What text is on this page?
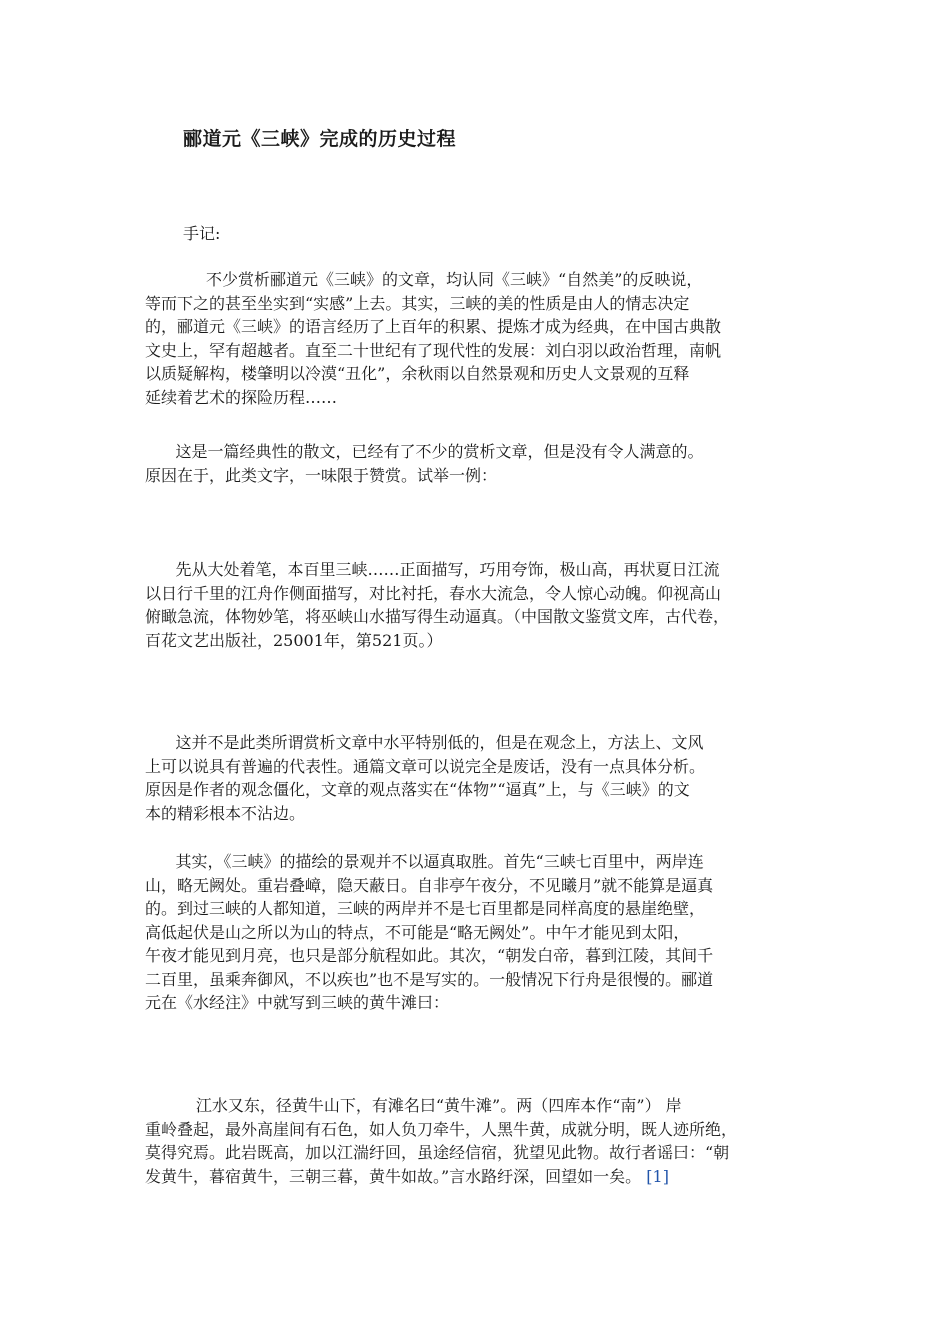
郦道元《三峡》完成的历史过程
手记:
不少赏析郦道元《三峡》的文章，均认同《三峡》“自然美”的反映说，
等而下之的甚至坐实到“实感”上去。其实，三峡的美的性质是由人的情志决定
的，郦道元《三峡》的语言经历了上百年的积累、提炼才成为经典，在中国古典散
文史上，罕有超越者。直至二十世纪有了现代性的发展：刘白羽以政治哲理，南帆
以质疑解构，楼肇明以冷漠“丑化”，余秋雨以自然景观和历史人文景观的互释
延续着艺术的探险历程……
这是一篇经典性的散文，已经有了不少的赏析文章，但是没有令人满意的。
原因在于，此类文字，一味限于赞赏。试举一例：
先从大处着笔，本百里三峡……正面描写，巧用夸饰，极山高，再状夏日江流
以日行千里的江舟作侧面描写，对比衬托，春水大流急，令人惊心动魄。仰视高山
俯瞰急流，体物妙笔，将巫峡山水描写得生动逼真。（中国散文鉴赏文库，古代卷，
百花文艺出版社，25001年，第521页。）
这并不是此类所谓赏析文章中水平特别低的，但是在观念上，方法上、文风
上可以说具有普遍的代表性。通篇文章可以说完全是废话，没有一点具体分析。
原因是作者的观念僵化，文章的观点落实在“体物”“逼真”上，与《三峡》的文
本的精彩根本不沾边。
其实，《三峡》的描绘的景观并不以逼真取胜。首先“三峡七百里中，两岸连
山，略无阙处。重岩叠嶂，隐天蔽日。自非亭午夜分，不见曦月”就不能算是逼真
的。到过三峡的人都知道，三峡的两岸并不是七百里都是同样高度的悬崖绝壁，
高低起伏是山之所以为山的特点，不可能是“略无阙处”。中午才能见到太阳，
午夜才能见到月亮，也只是部分航程如此。其次，“朝发白帝，暮到江陵，其间千
二百里，虽乘奔御风，不以疾也”也不是写实的。一般情况下行舟是很慢的。郦道
元在《水经注》中就写到三峡的黄牛滩曰：
江水又东，径黄牛山下，有滩名曰“黄牛滩”。两（四库本作“南”） 岸
重岭叠起，最外高崖间有石色，如人负刀牵牛，人黑牛黄，成就分明，既人迹所绝，
莫得究焉。此岩既高，加以江湍纡回，虽途经信宿，犹望见此物。故行者谣曰：“朝
发黄牛，暮宿黄牛，三朝三暮，黄牛如故。”言水路纡深，回望如一矣。 [1]
